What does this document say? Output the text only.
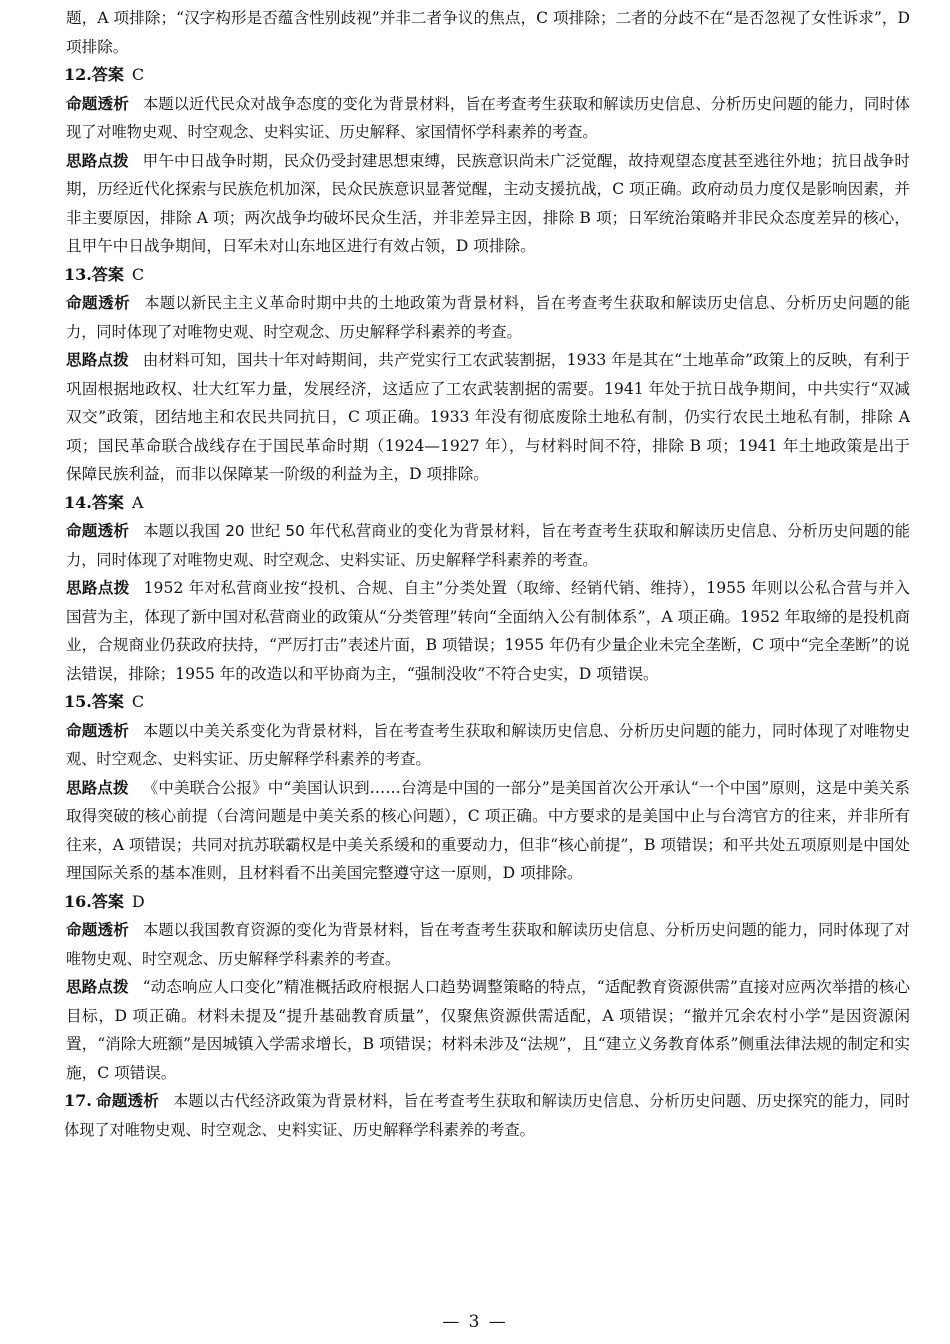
题，A 项排除；“汉字构形是否蕴含性别歧视”并非二者争议的焦点，C 项排除；二者的分歧不在“是否忽视了女性诉求”，D 项排除。

12.答案 C

命题透析 本题以近代民众对战争态度的变化为背景材料，旨在考查考生获取和解读历史信息、分析历史问题的能力，同时体现了对唯物史观、时空观念、史料实证、历史解释、家国情怀学科素养的考查。

思路点拨 甲午中日战争时期，民众仍受封建思想束缚，民族意识尚未广泛觉醒，故持观望态度甚至逃往外地；抗日战争时期，历经近代化探索与民族危机加深，民众民族意识显著觉醒，主动支援抗战，C 项正确。政府动员力度仅是影响因素，并非主要原因，排除 A 项；两次战争均破坏民众生活，并非差异主因，排除 B 项；日军统治策略并非民众态度差异的核心，且甲午中日战争期间，日军未对山东地区进行有效占领，D 项排除。

13.答案 C

命题透析 本题以新民主主义革命时期中共的土地政策为背景材料，旨在考查考生获取和解读历史信息、分析历史问题的能力，同时体现了对唯物史观、时空观念、历史解释学科素养的考查。

思路点拨 由材料可知，国共十年对峙期间，共产党实行工农武装割据，1933 年是其在“土地革命”政策上的反映，有利于巩固根据地政权、壮大红军力量，发展经济，这适应了工农武装割据的需要。1941 年处于抗日战争期间，中共实行“双减双交”政策，团结地主和农民共同抗日，C 项正确。1933 年没有彻底废除土地私有制，仍实行农民土地私有制，排除 A 项；国民革命联合战线存在于国民革命时期（1924—1927 年），与材料时间不符，排除 B 项；1941 年土地政策是出于保障民族利益，而非以保障某一阶级的利益为主，D 项排除。

14.答案 A

命题透析 本题以我国 20 世纪 50 年代私营商业的变化为背景材料，旨在考查考生获取和解读历史信息、分析历史问题的能力，同时体现了对唯物史观、时空观念、史料实证、历史解释学科素养的考查。

思路点拨 1952 年对私营商业按“投机、合规、自主”分类处置（取缔、经销代销、维持），1955 年则以公私合营与并入国营为主，体现了新中国对私营商业的政策从“分类管理”转向“全面纳入公有制体系”，A 项正确。1952 年取缔的是投机商业，合规商业仍获政府扶持，“严厉打击”表述片面，B 项错误；1955 年仍有少量企业未完全垄断，C 项中“完全垄断”的说法错误，排除；1955 年的改造以和平协商为主，“强制没收”不符合史实，D 项错误。

15.答案 C

命题透析 本题以中美关系变化为背景材料，旨在考查考生获取和解读历史信息、分析历史问题的能力，同时体现了对唯物史观、时空观念、史料实证、历史解释学科素养的考查。

思路点拨 《中美联合公报》中“美国认识到……台湾是中国的一部分”是美国首次公开承认“一个中国”原则，这是中美关系取得突破的核心前提（台湾问题是中美关系的核心问题），C 项正确。中方要求的是美国中止与台湾官方的往来，并非所有往来，A 项错误；共同对抗苏联霸权是中美关系缓和的重要动力，但非“核心前提”，B 项错误；和平共处五项原则是中国处理国际关系的基本准则，且材料看不出美国完整遵守这一原则，D 项排除。

16.答案 D

命题透析 本题以我国教育资源的变化为背景材料，旨在考查考生获取和解读历史信息、分析历史问题的能力，同时体现了对唯物史观、时空观念、历史解释学科素养的考查。

思路点拨 “动态响应人口变化”精准概括政府根据人口趋势调整策略的特点，“适配教育资源供需”直接对应两次举措的核心目标，D 项正确。材料未提及“提升基础教育质量”，仅聚焦资源供需适配，A 项错误；“撤并冗余农村小学”是因资源闲置，“消除大班额”是因城镇入学需求增长，B 项错误；材料未涉及“法规”，且“建立义务教育体系”侧重法律法规的制定和实施，C 项错误。

17. 命题透析 本题以古代经济政策为背景材料，旨在考查考生获取和解读历史信息、分析历史问题、历史探究的能力，同时体现了对唯物史观、时空观念、史料实证、历史解释学科素养的考查。

— 3 —
